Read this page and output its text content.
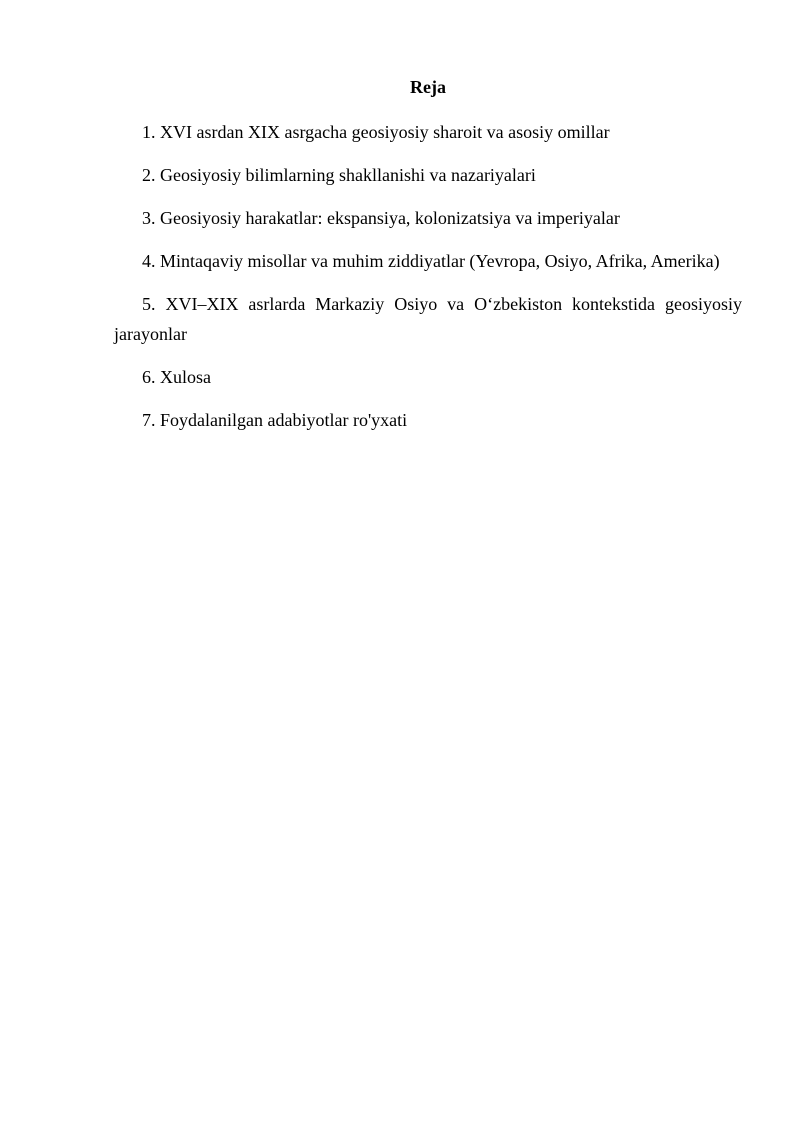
Reja
1. XVI asrdan XIX asrgacha geosiyosiy sharoit va asosiy omillar
2. Geosiyosiy bilimlarning shakllanishi va nazariyalari
3. Geosiyosiy harakatlar: ekspansiya, kolonizatsiya va imperiyalar
4. Mintaqaviy misollar va muhim ziddiyatlar (Yevropa, Osiyo, Afrika, Amerika)
5. XVI–XIX asrlarda Markaziy Osiyo va O‘zbekiston kontekstida geosiyosiy jarayonlar
6. Xulosa
7. Foydalanilgan adabiyotlar ro'yxati
